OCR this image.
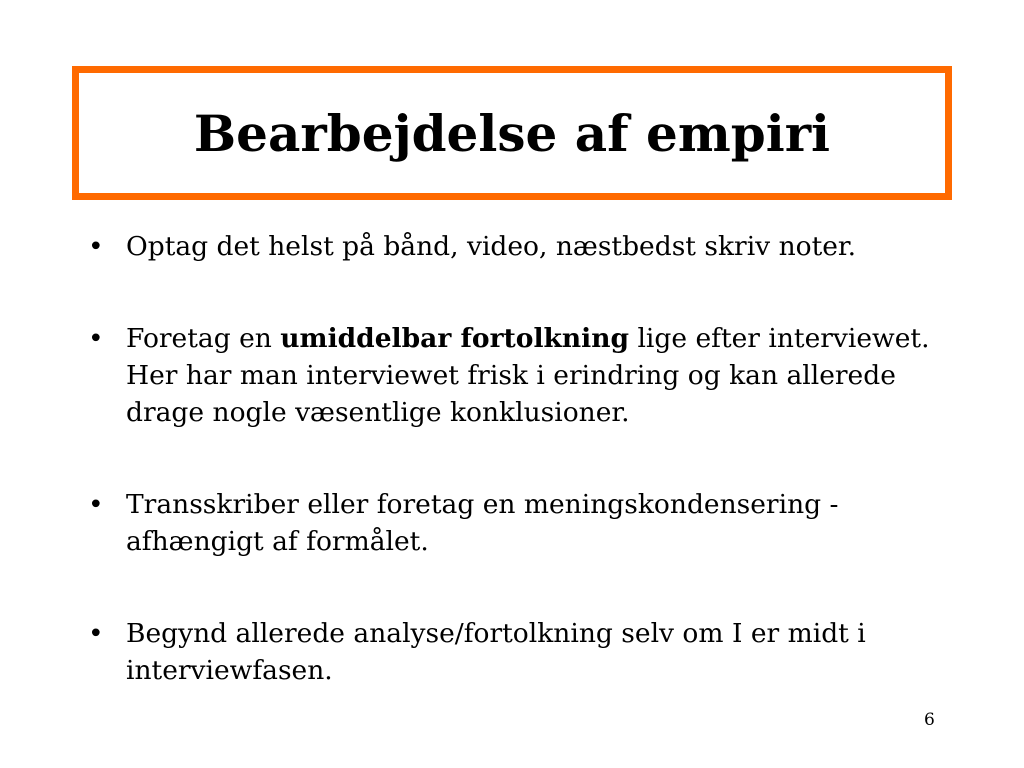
Bearbejdelse af empiri
• Optag det helst på bånd, video, næstbedst skriv noter.
• Foretag en umiddelbar fortolkning lige efter interviewet. Her har man interviewet frisk i erindring og kan allerede drage nogle væsentlige konklusioner.
• Transskriber eller foretag en meningskondensering - afhængigt af formålet.
• Begynd allerede analyse/fortolkning selv om I er midt i interviewfasen.
6
